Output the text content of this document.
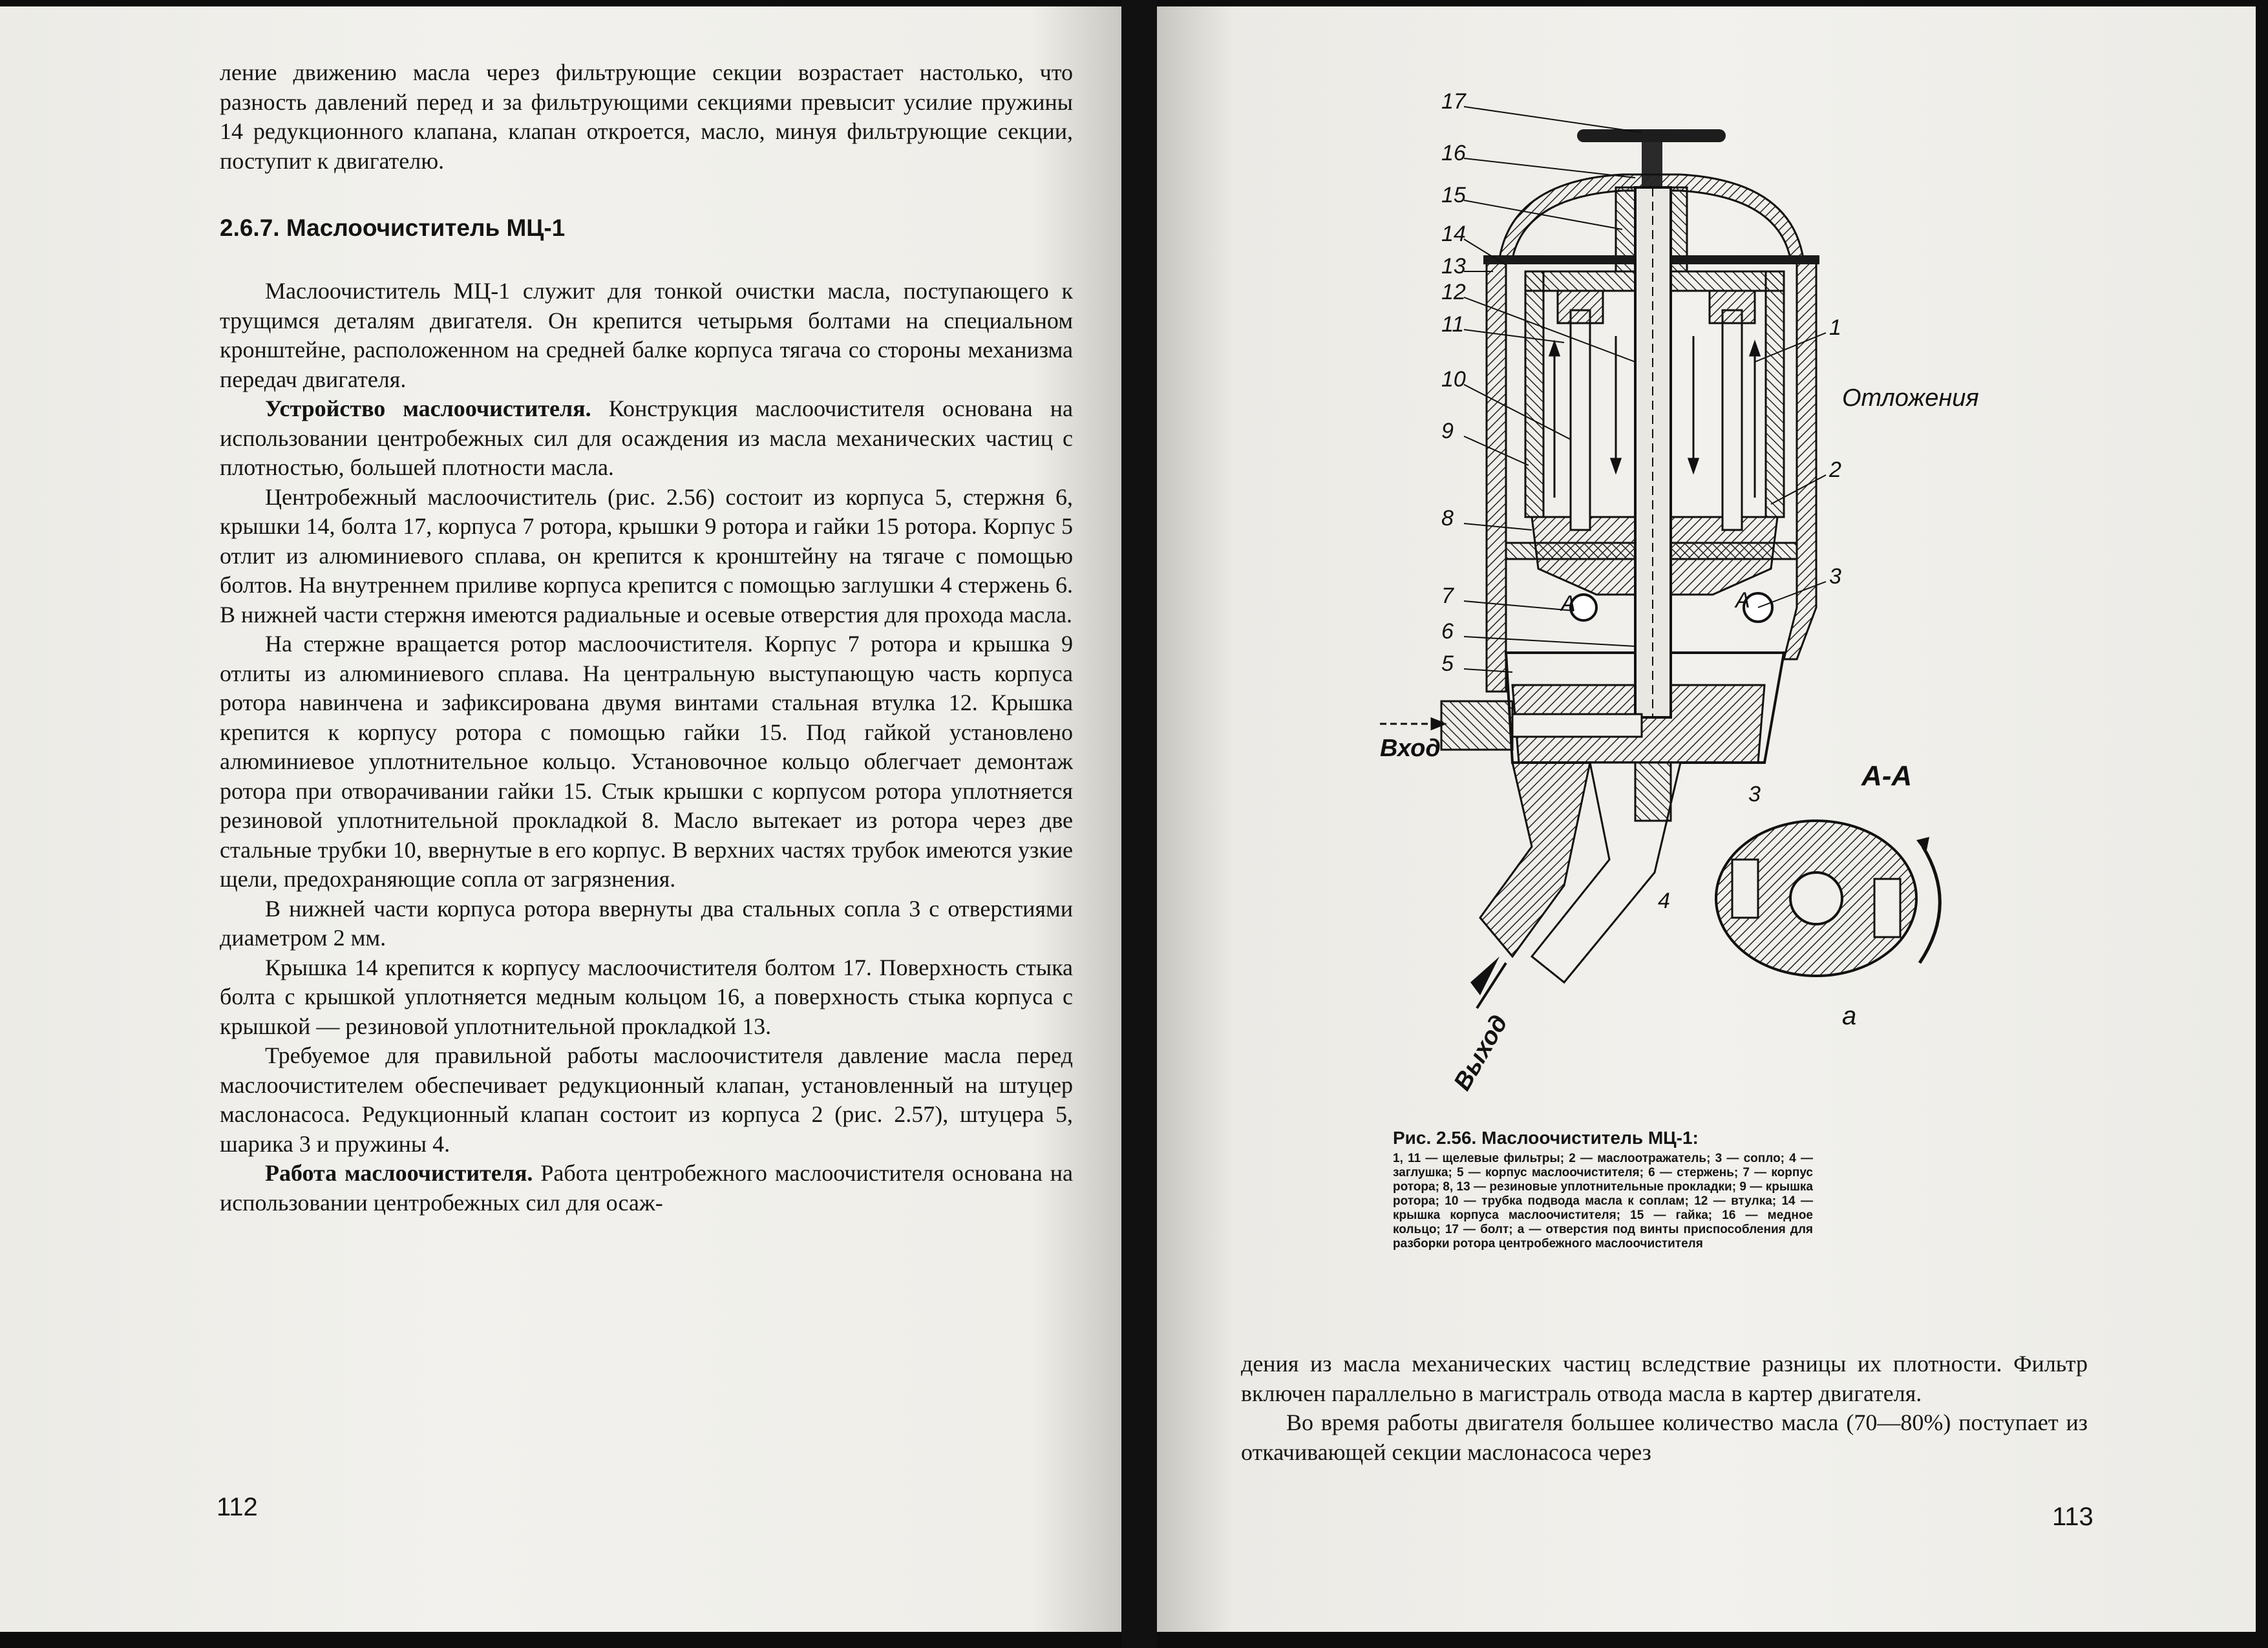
ление движению масла через фильтрующие секции возрастает настолько, что разность давлений перед и за фильтрующими секциями превысит усилие пружины 14 редукционного клапана, клапан откроется, масло, минуя фильтрующие секции, поступит к двигателю.

2.6.7. Маслоочиститель МЦ-1

Маслоочиститель МЦ-1 служит для тонкой очистки масла, поступающего к трущимся деталям двигателя. Он крепится четырьмя болтами на специальном кронштейне, расположенном на средней балке корпуса тягача со стороны механизма передач двигателя.

Устройство маслоочистителя. Конструкция маслоочистителя основана на использовании центробежных сил для осаждения из масла механических частиц с плотностью, большей плотности масла.

Центробежный маслоочиститель (рис. 2.56) состоит из корпуса 5, стержня 6, крышки 14, болта 17, корпуса 7 ротора, крышки 9 ротора и гайки 15 ротора. Корпус 5 отлит из алюминиевого сплава, он крепится к кронштейну на тягаче с помощью болтов. На внутреннем приливе корпуса крепится с помощью заглушки 4 стержень 6. В нижней части стержня имеются радиальные и осевые отверстия для прохода масла.

На стержне вращается ротор маслоочистителя. Корпус 7 ротора и крышка 9 отлиты из алюминиевого сплава. На центральную выступающую часть корпуса ротора навинчена и зафиксирована двумя винтами стальная втулка 12. Крышка крепится к корпусу ротора с помощью гайки 15. Под гайкой установлено алюминиевое уплотнительное кольцо. Установочное кольцо облегчает демонтаж ротора при отворачивании гайки 15. Стык крышки с корпусом ротора уплотняется резиновой уплотнительной прокладкой 8. Масло вытекает из ротора через две стальные трубки 10, ввернутые в его корпус. В верхних частях трубок имеются узкие щели, предохраняющие сопла от загрязнения.

В нижней части корпуса ротора ввернуты два стальных сопла 3 с отверстиями диаметром 2 мм.

Крышка 14 крепится к корпусу маслоочистителя болтом 17. Поверхность стыка болта с крышкой уплотняется медным кольцом 16, а поверхность стыка корпуса с крышкой — резиновой уплотнительной прокладкой 13.

Требуемое для правильной работы маслоочистителя давление масла перед маслоочистителем обеспечивает редукционный клапан, установленный на штуцер маслонасоса. Редукционный клапан состоит из корпуса 2 (рис. 2.57), штуцера 5, шарика 3 и пружины 4.

Работа маслоочистителя. Работа центробежного маслоочистителя основана на использовании центробежных сил для осаж-

112
17
16
15
14
13
12
11
10
9
8
7
6
5
1
2
3
Отложения
А	А
А-А
Вход
Выход
4
3
a

Рис. 2.56. Маслоочиститель МЦ-1:

1, 11 — щелевые фильтры; 2 — маслоотражатель; 3 — сопло; 4 — заглушка; 5 — корпус маслоочистителя; 6 — стержень; 7 — корпус ротора; 8, 13 — резиновые уплотнительные прокладки; 9 — крышка ротора; 10 — трубка подвода масла к соплам; 12 — втулка; 14 — крышка корпуса маслоочистителя; 15 — гайка; 16 — медное кольцо; 17 — болт; а — отверстия под винты приспособления для разборки ротора центробежного маслоочистителя

дения из масла механических частиц вследствие разницы их плотности. Фильтр включен параллельно в магистраль отвода масла в картер двигателя.

Во время работы двигателя большее количество масла (70—80%) поступает из откачивающей секции маслонасоса через

113
